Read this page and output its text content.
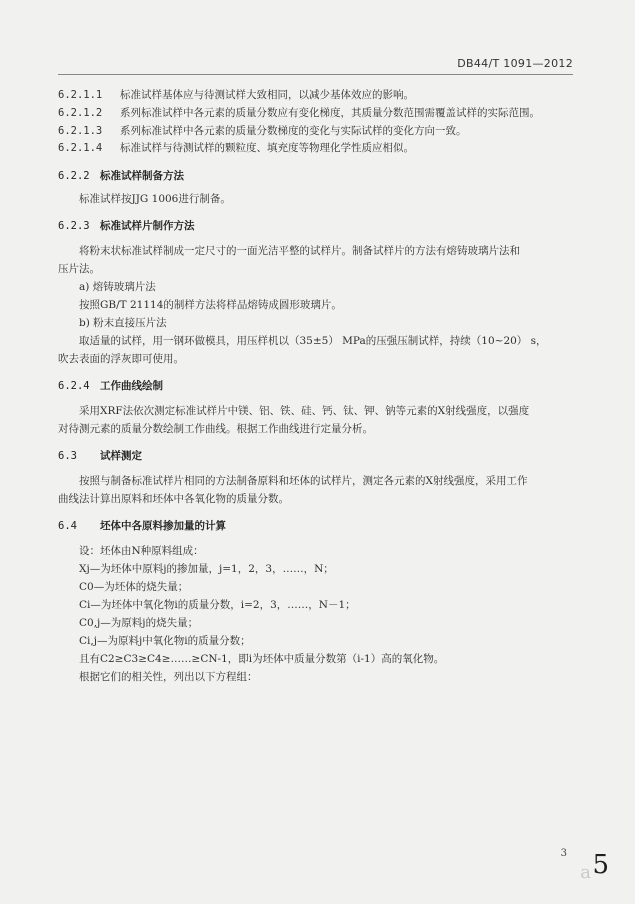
DB44/T 1091—2012
6.2.1.1 标准试样基体应与待测试样大致相同，以减少基体效应的影响。
6.2.1.2 系列标准试样中各元素的质量分数应有变化梯度，其质量分数范围需覆盖试样的实际范围。
6.2.1.3 系列标准试样中各元素的质量分数梯度的变化与实际试样的变化方向一致。
6.2.1.4 标准试样与待测试样的颗粒度、填充度等物理化学性质应相似。
6.2.2 标准试样制备方法
标准试样按JJG 1006进行制备。
6.2.3 标准试样片制作方法
将粉末状标准试样制成一定尺寸的一面光洁平整的试样片。制备试样片的方法有熔铸玻璃片法和
压片法。
a) 熔铸玻璃片法
按照GB/T 21114的制样方法将样品熔铸成圆形玻璃片。
b) 粉末直接压片法
取适量的试样，用一钢环做模具，用压样机以（35±5） MPa的压强压制试样，持续（10~20） s，
吹去表面的浮灰即可使用。
6.2.4 工作曲线绘制
采用XRF法依次测定标准试样片中镁、铝、铁、硅、钙、钛、钾、钠等元素的X射线强度，以强度
对待测元素的质量分数绘制工作曲线。根据工作曲线进行定量分析。
6.3 试样测定
按照与制备标准试样片相同的方法制备原料和坯体的试样片，测定各元素的X射线强度，采用工作
曲线法计算出原料和坯体中各氧化物的质量分数。
6.4 坯体中各原料掺加量的计算
设：坯体由N种原料组成：
Xj—为坯体中原料j的掺加量，j=1，2，3，……，N；
C0—为坯体的烧失量；
Ci—为坯体中氧化物i的质量分数，i=2，3，……，N－1；
C0,j—为原料j的烧失量；
Ci,j—为原料j中氧化物i的质量分数；
且有C2≥C3≥C4≥……≥CN-1，即i为坯体中质量分数第（i-1）高的氧化物。
根据它们的相关性，列出以下方程组：
3
a 5
